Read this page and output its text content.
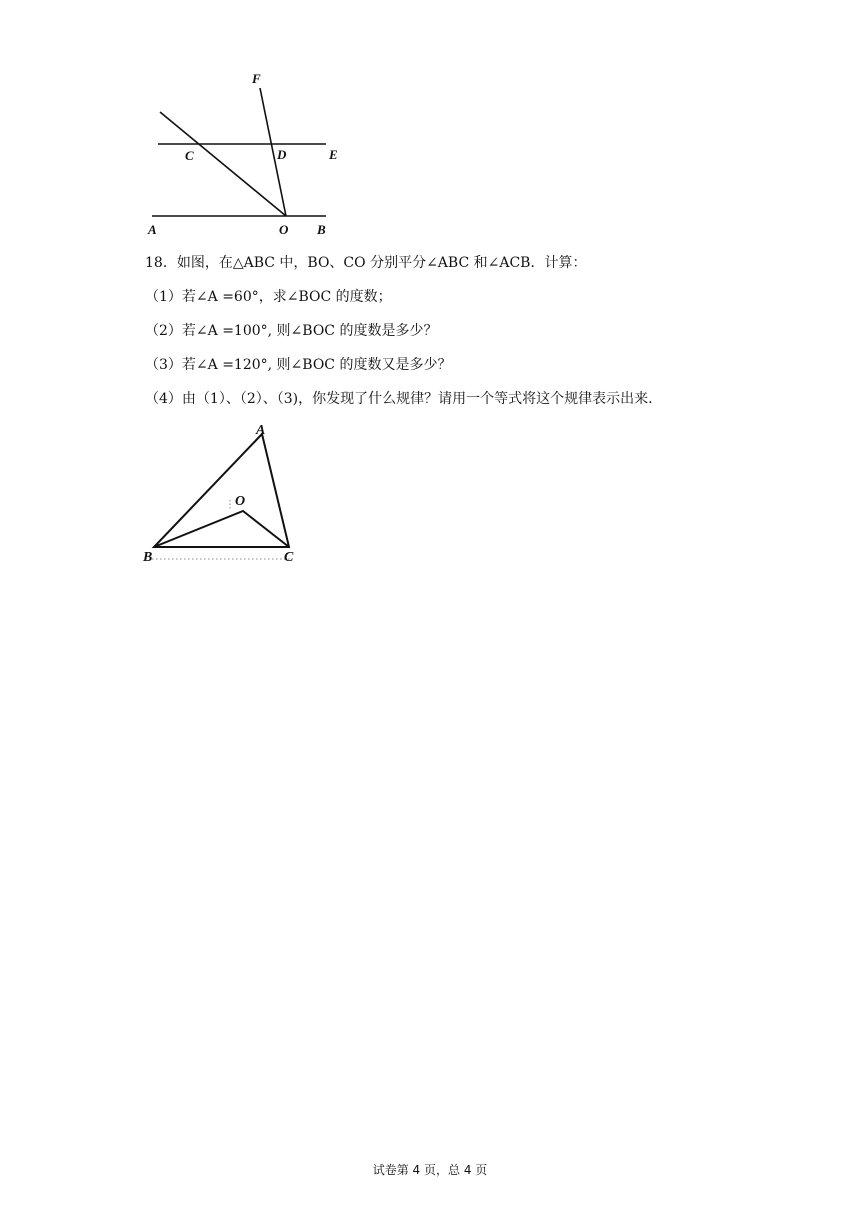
F
C	D	E
A	O B
18．如图，在△ABC 中，BO、CO 分别平分∠ABC 和∠ACB．计算：
（1）若∠A =60°，求∠BOC 的度数；
（2）若∠A =100°, 则∠BOC 的度数是多少？
（3）若∠A =120°, 则∠BOC 的度数又是多少？
（4）由（1）、（2）、（3)，你发现了什么规律？请用一个等式将这个规律表示出来.
A
O
B	C
试卷第 4 页，总 4 页
